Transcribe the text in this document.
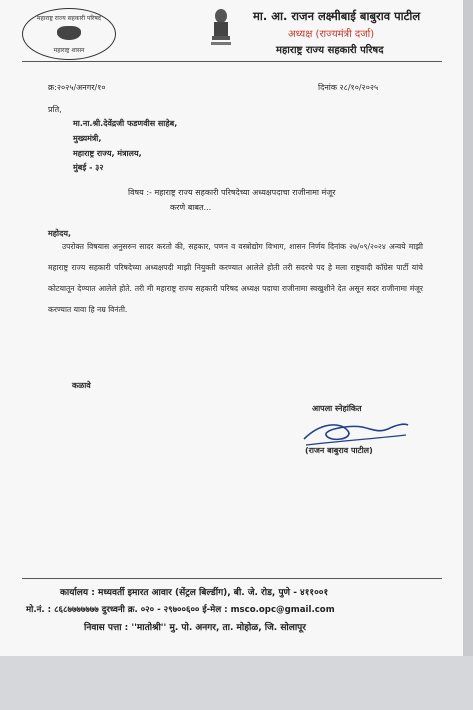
महाराष्ट्र राज्य सहकारी परिषद
महाराष्ट्र शासन
मा. आ. राजन लक्ष्मीबाई बाबुराव पाटील
अध्यक्ष (राज्यमंत्री दर्जा)
महाराष्ट्र राज्य सहकारी परिषद
क्र:२०२५/अनगर/१०	दिनांक २८/१०/२०२५
प्रति,
मा.ना.श्री.देवेंद्रजी फडणवीस साहेब,
मुख्यमंत्री,
महाराष्ट्र राज्य, मंत्रालय,
मुंबई - ३२
विषय :- महाराष्ट्र राज्य सहकारी परिषदेच्या अध्यक्षपदाचा राजीनामा मंजूर
करणे बाबत...
महोदय,
उपरोक्त विषयास अनुसरुन सादर करतो की, सहकार, पणन व वस्त्रोद्योग विभाग, शासन निर्णय दिनांक २७/०९/२०२४ अन्वये माझी महाराष्ट्र राज्य सहकारी परिषदेच्या अध्यक्षपदी माझी नियुक्ती करण्यात आलेले होती तरी सदरचे पद हे मला राष्ट्रवादी कॉग्रेस पार्टी यांचे कोटयातून देण्यात आलेले होते. तरी मी महाराष्ट्र राज्य सहकारी परिषद अध्यक्ष पदाचा राजीनामा स्वखुशीने देत असून सदर राजीनामा मंजूर करण्यात यावा हि नम्र विनंती.
कळावे
आपला स्नेहांकित
(राजन बाबुराव पाटील)
कार्यालय : मध्यवर्ती इमारत आवार (सेंट्रल बिल्डींग), बी. जे. रोड, पुणे - ४११००१
मो.नं. : ८६८७७७७७७७ दुरध्वनी क्र. ०२० - २९७००६०० ई-मेल : msco.opc@gmail.com
निवास पत्ता : ''मातोश्री'' मु. पो. अनगर, ता. मोहोळ, जि. सोलापूर
